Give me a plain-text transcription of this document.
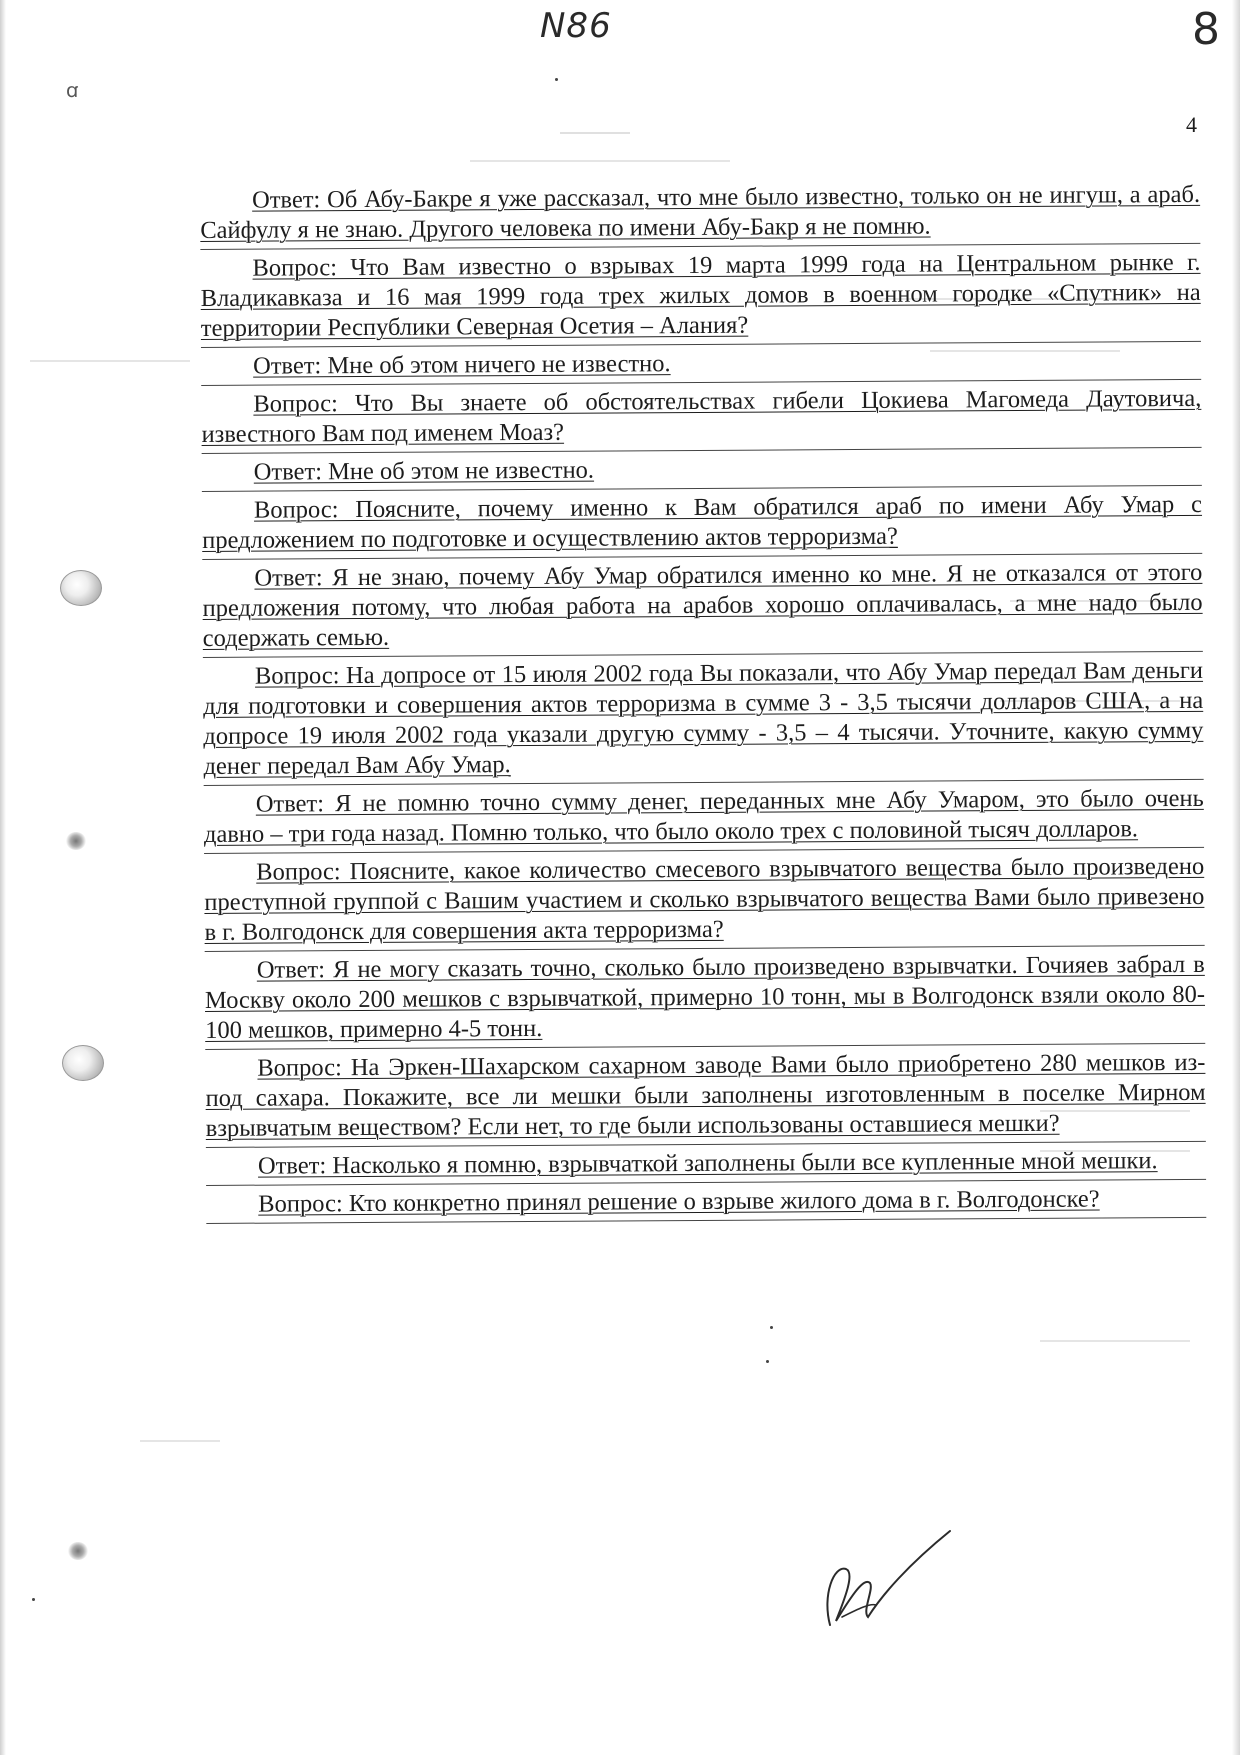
N86	8
4
ꭤ
Ответ: Об Абу-Бакре я уже рассказал, что мне было известно, только он не ингуш, а араб. Сайфулу я не знаю. Другого человека по имени Абу-Бакр я не помню.
Вопрос: Что Вам известно о взрывах 19 марта 1999 года на Центральном рынке г. Владикавказа и 16 мая 1999 года трех жилых домов в военном городке «Спутник» на территории Республики Северная Осетия – Алания?
Ответ: Мне об этом ничего не известно.
Вопрос: Что Вы знаете об обстоятельствах гибели Цокиева Магомеда Даутовича, известного Вам под именем Моаз?
Ответ: Мне об этом не известно.
Вопрос: Поясните, почему именно к Вам обратился араб по имени Абу Умар с предложением по подготовке и осуществлению актов терроризма?
Ответ: Я не знаю, почему Абу Умар обратился именно ко мне. Я не отказался от этого предложения потому, что любая работа на арабов хорошо оплачивалась, а мне надо было содержать семью.
Вопрос: На допросе от 15 июля 2002 года Вы показали, что Абу Умар передал Вам деньги для подготовки и совершения актов терроризма в сумме 3 - 3,5 тысячи долларов США, а на допросе 19 июля 2002 года указали другую сумму - 3,5 – 4 тысячи. Уточните, какую сумму денег передал Вам Абу Умар.
Ответ: Я не помню точно сумму денег, переданных мне Абу Умаром, это было очень давно – три года назад. Помню только, что было около трех с половиной тысяч долларов.
Вопрос: Поясните, какое количество смесевого взрывчатого вещества было произведено преступной группой с Вашим участием и сколько взрывчатого вещества Вами было привезено в г. Волгодонск для совершения акта терроризма?
Ответ: Я не могу сказать точно, сколько было произведено взрывчатки. Гочияев забрал в Москву около 200 мешков с взрывчаткой, примерно 10 тонн, мы в Волгодонск взяли около 80-100 мешков, примерно 4-5 тонн.
Вопрос: На Эркен-Шахарском сахарном заводе Вами было приобретено 280 мешков из-под сахара. Покажите, все ли мешки были заполнены изготовленным в поселке Мирном взрывчатым веществом? Если нет, то где были использованы оставшиеся мешки?
Ответ: Насколько я помню, взрывчаткой заполнены были все купленные мной мешки.
Вопрос: Кто конкретно принял решение о взрыве жилого дома в г. Волгодонске?
